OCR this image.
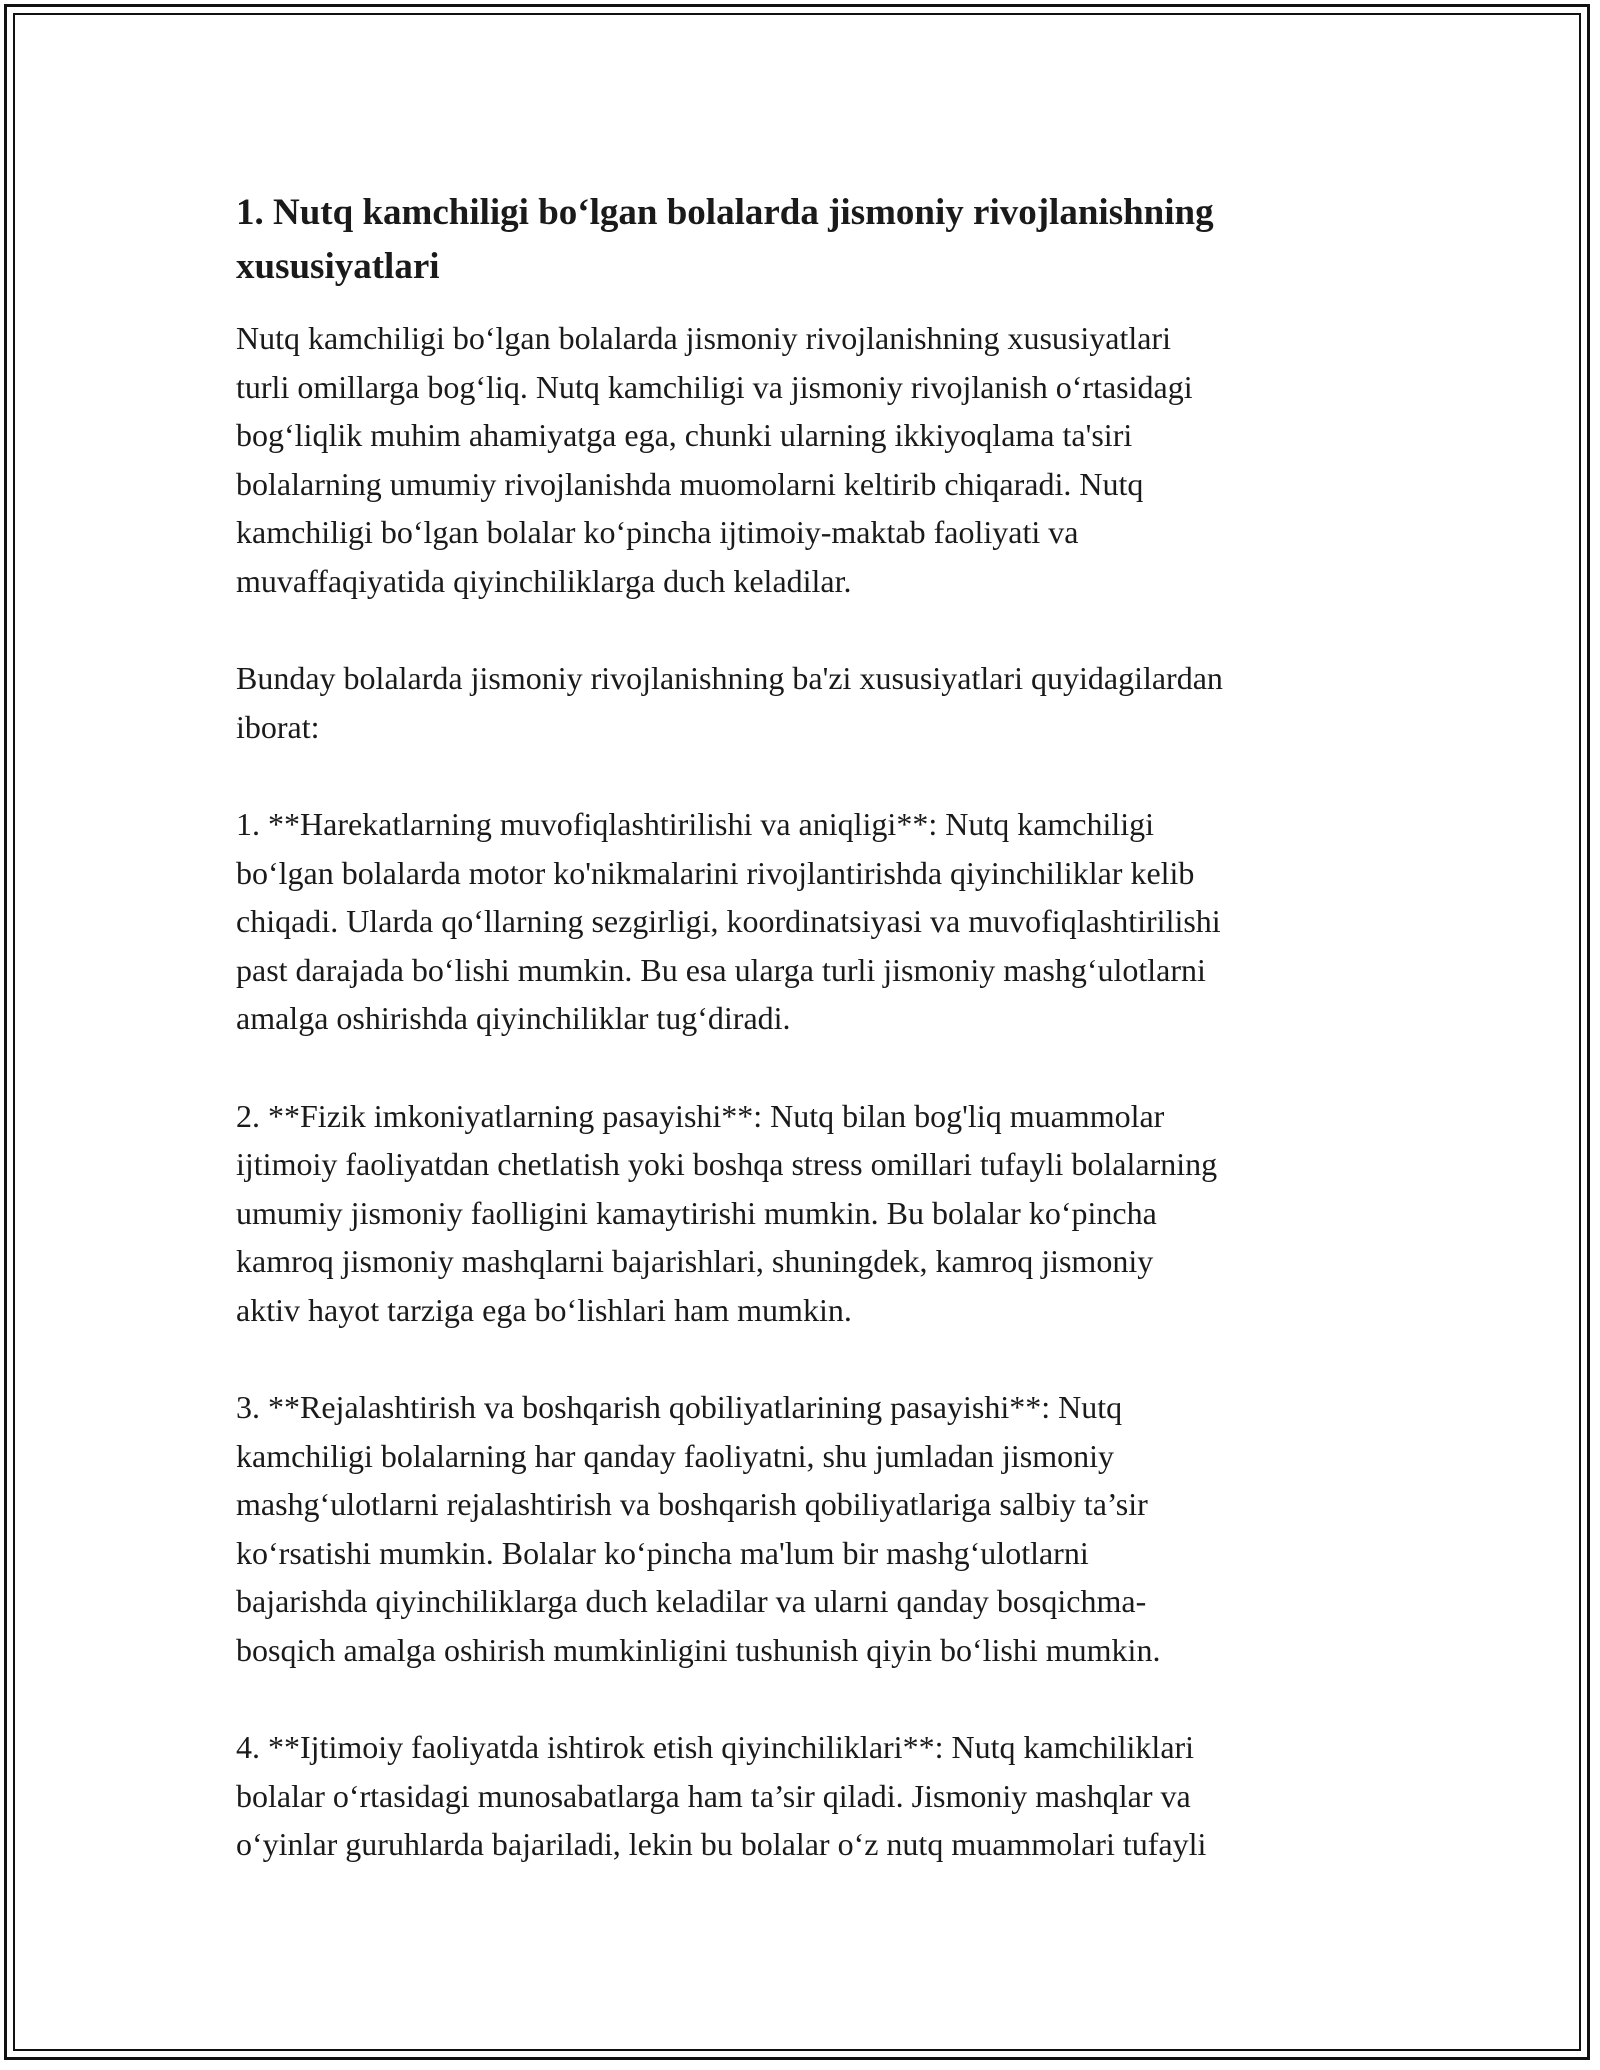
1. Nutq kamchiligi bo‘lgan bolalarda jismoniy rivojlanishning
xususiyatlari

Nutq kamchiligi bo‘lgan bolalarda jismoniy rivojlanishning xususiyatlari
turli omillarga bog‘liq. Nutq kamchiligi va jismoniy rivojlanish o‘rtasidagi
bog‘liqlik muhim ahamiyatga ega, chunki ularning ikkiyoqlama ta'siri
bolalarning umumiy rivojlanishda muomolarni keltirib chiqaradi. Nutq
kamchiligi bo‘lgan bolalar ko‘pincha ijtimoiy-maktab faoliyati va
muvaffaqiyatida qiyinchiliklarga duch keladilar.

Bunday bolalarda jismoniy rivojlanishning ba'zi xususiyatlari quyidagilardan
iborat:

1. **Harekatlarning muvofiqlashtirilishi va aniqligi**: Nutq kamchiligi
bo‘lgan bolalarda motor ko'nikmalarini rivojlantirishda qiyinchiliklar kelib
chiqadi. Ularda qo‘llarning sezgirligi, koordinatsiyasi va muvofiqlashtirilishi
past darajada bo‘lishi mumkin. Bu esa ularga turli jismoniy mashg‘ulotlarni
amalga oshirishda qiyinchiliklar tug‘diradi.

2. **Fizik imkoniyatlarning pasayishi**: Nutq bilan bog'liq muammolar
ijtimoiy faoliyatdan chetlatish yoki boshqa stress omillari tufayli bolalarning
umumiy jismoniy faolligini kamaytirishi mumkin. Bu bolalar ko‘pincha
kamroq jismoniy mashqlarni bajarishlari, shuningdek, kamroq jismoniy
aktiv hayot tarziga ega bo‘lishlari ham mumkin.

3. **Rejalashtirish va boshqarish qobiliyatlarining pasayishi**: Nutq
kamchiligi bolalarning har qanday faoliyatni, shu jumladan jismoniy
mashg‘ulotlarni rejalashtirish va boshqarish qobiliyatlariga salbiy ta’sir
ko‘rsatishi mumkin. Bolalar ko‘pincha ma'lum bir mashg‘ulotlarni
bajarishda qiyinchiliklarga duch keladilar va ularni qanday bosqichma-
bosqich amalga oshirish mumkinligini tushunish qiyin bo‘lishi mumkin.

4. **Ijtimoiy faoliyatda ishtirok etish qiyinchiliklari**: Nutq kamchiliklari
bolalar o‘rtasidagi munosabatlarga ham ta’sir qiladi. Jismoniy mashqlar va
o‘yinlar guruhlarda bajariladi, lekin bu bolalar o‘z nutq muammolari tufayli
